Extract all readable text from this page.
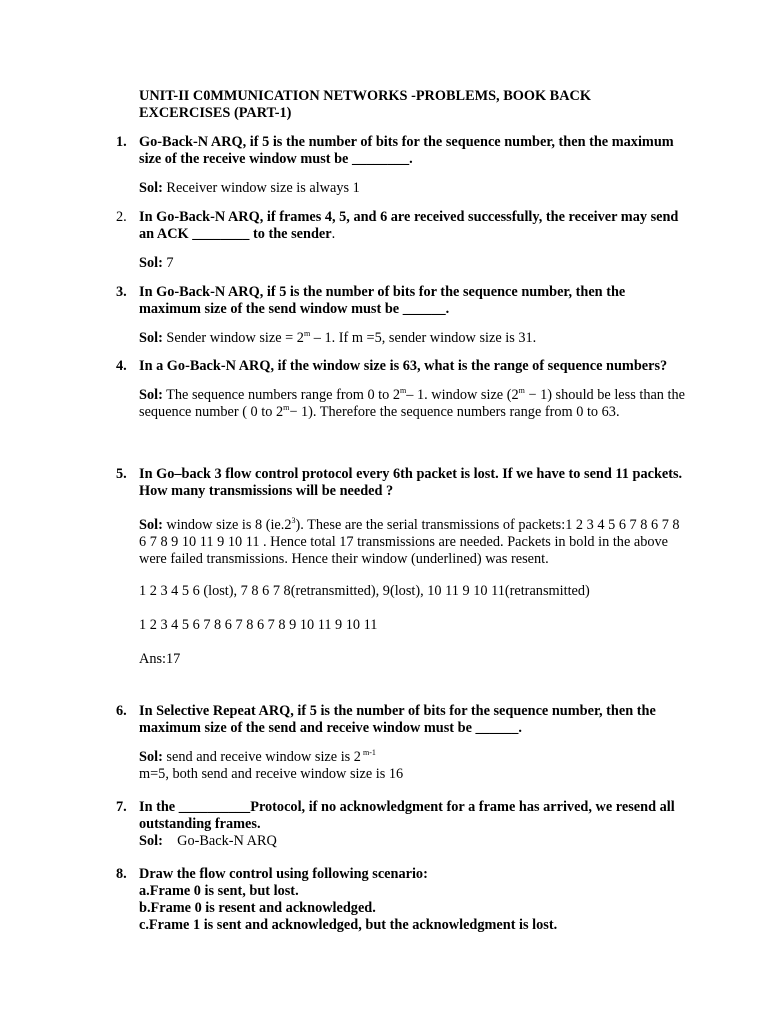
UNIT-II C0MMUNICATION NETWORKS -PROBLEMS, BOOK BACK EXCERCISES (PART-1)
1. Go-Back-N ARQ, if 5 is the number of bits for the sequence number, then the maximum size of the receive window must be ________.
Sol: Receiver window size is always 1
2. In Go-Back-N ARQ, if frames 4, 5, and 6 are received successfully, the receiver may send an ACK ________ to the sender.
Sol: 7
3. In Go-Back-N ARQ, if 5 is the number of bits for the sequence number, then the maximum size of the send window must be ______.
Sol: Sender window size = $2^m - 1$. If m =5, sender window size is 31.
4. In a Go-Back-N ARQ, if the window size is 63, what is the range of sequence numbers?
Sol: The sequence numbers range from 0 to 2$^m$– 1. window size $(2^m - 1)$ should be less than the sequence number ( 0 to $2^m- 1$). Therefore the sequence numbers range from 0 to 63.
5. In Go–back 3 flow control protocol every 6th packet is lost. If we have to send 11 packets. How many transmissions will be needed ?
Sol: window size is 8 $(ie.2^3)$. These are the serial transmissions of packets:1 2 3 4 5 6 7 8 6 7 8 6 7 8 9 10 11 9 10 11 . Hence total 17 transmissions are needed. Packets in bold in the above were failed transmissions. Hence their window (underlined) was resent.
1 2 3 4 5 6 (lost), 7 8 6 7 8(retransmitted), 9(lost), 10 11 9 10 11(retransmitted)
1 2 3 4 5 6 7 8 6 7 8 6 7 8 9 10 11 9 10 11
Ans:17
6. In Selective Repeat ARQ, if 5 is the number of bits for the sequence number, then the maximum size of the send and receive window must be ______.
Sol: send and receive window size is 2 $^{m-1}$
m=5, both send and receive window size is 16
7. In the __________Protocol, if no acknowledgment for a frame has arrived, we resend all outstanding frames.
Sol:    Go-Back-N ARQ
8. Draw the flow control using following scenario:
a.Frame 0 is sent, but lost.
b.Frame 0 is resent and acknowledged.
c.Frame 1 is sent and acknowledged, but the acknowledgment is lost.
